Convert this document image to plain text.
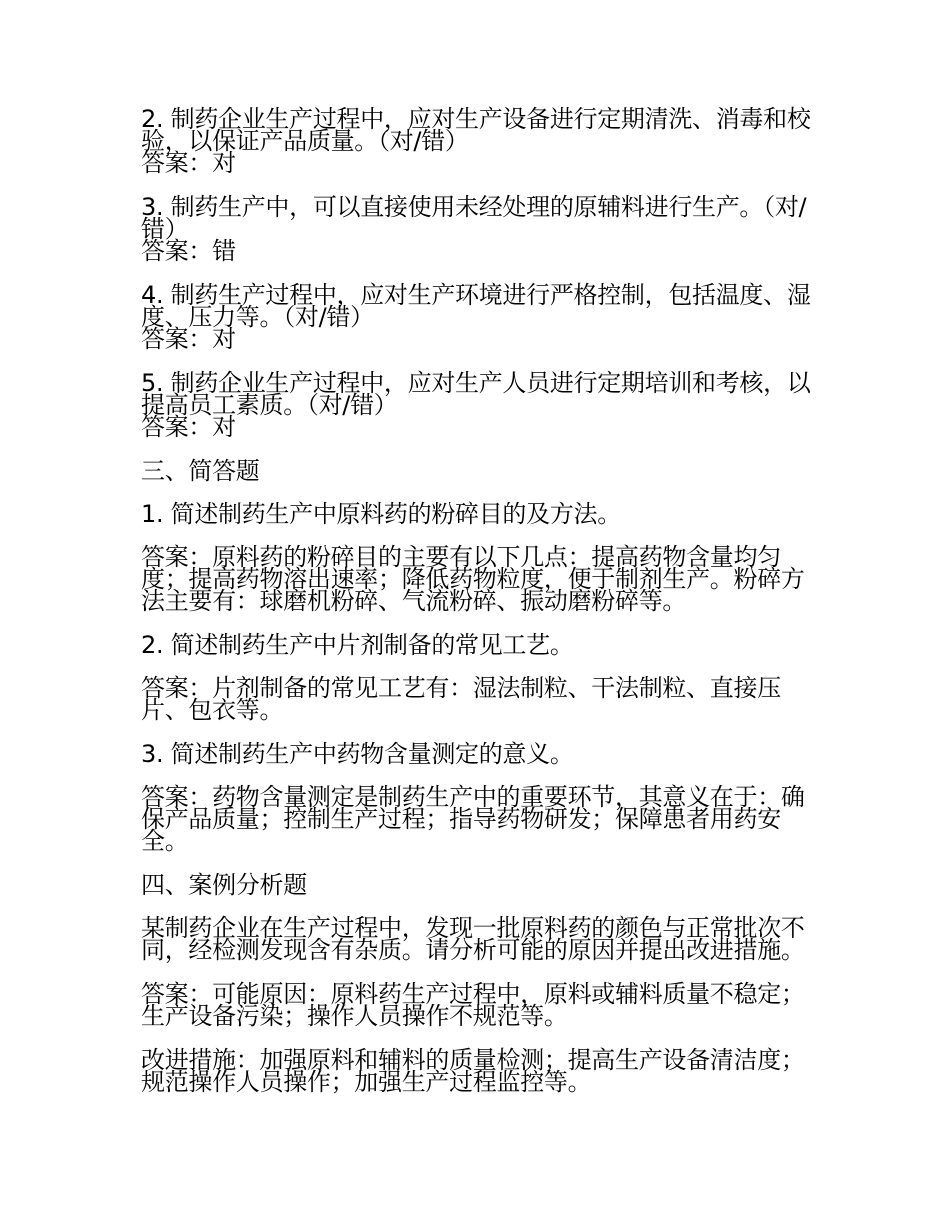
2. 制药企业生产过程中，应对生产设备进行定期清洗、消毒和校验，以保证产品质量。（对/错）

答案：对

3. 制药生产中，可以直接使用未经处理的原辅料进行生产。（对/错）

答案：错

4. 制药生产过程中，应对生产环境进行严格控制，包括温度、湿度、压力等。（对/错）

答案：对

5. 制药企业生产过程中，应对生产人员进行定期培训和考核，以提高员工素质。（对/错）

答案：对

三、简答题

1. 简述制药生产中原料药的粉碎目的及方法。

答案：原料药的粉碎目的主要有以下几点：提高药物含量均匀度；提高药物溶出速率；降低药物粒度，便于制剂生产。粉碎方法主要有：球磨机粉碎、气流粉碎、振动磨粉碎等。

2. 简述制药生产中片剂制备的常见工艺。

答案：片剂制备的常见工艺有：湿法制粒、干法制粒、直接压片、包衣等。

3. 简述制药生产中药物含量测定的意义。

答案：药物含量测定是制药生产中的重要环节，其意义在于：确保产品质量；控制生产过程；指导药物研发；保障患者用药安全。

四、案例分析题

某制药企业在生产过程中，发现一批原料药的颜色与正常批次不同，经检测发现含有杂质。请分析可能的原因并提出改进措施。

答案：可能原因：原料药生产过程中，原料或辅料质量不稳定；生产设备污染；操作人员操作不规范等。

改进措施：加强原料和辅料的质量检测；提高生产设备清洁度；规范操作人员操作；加强生产过程监控等。
